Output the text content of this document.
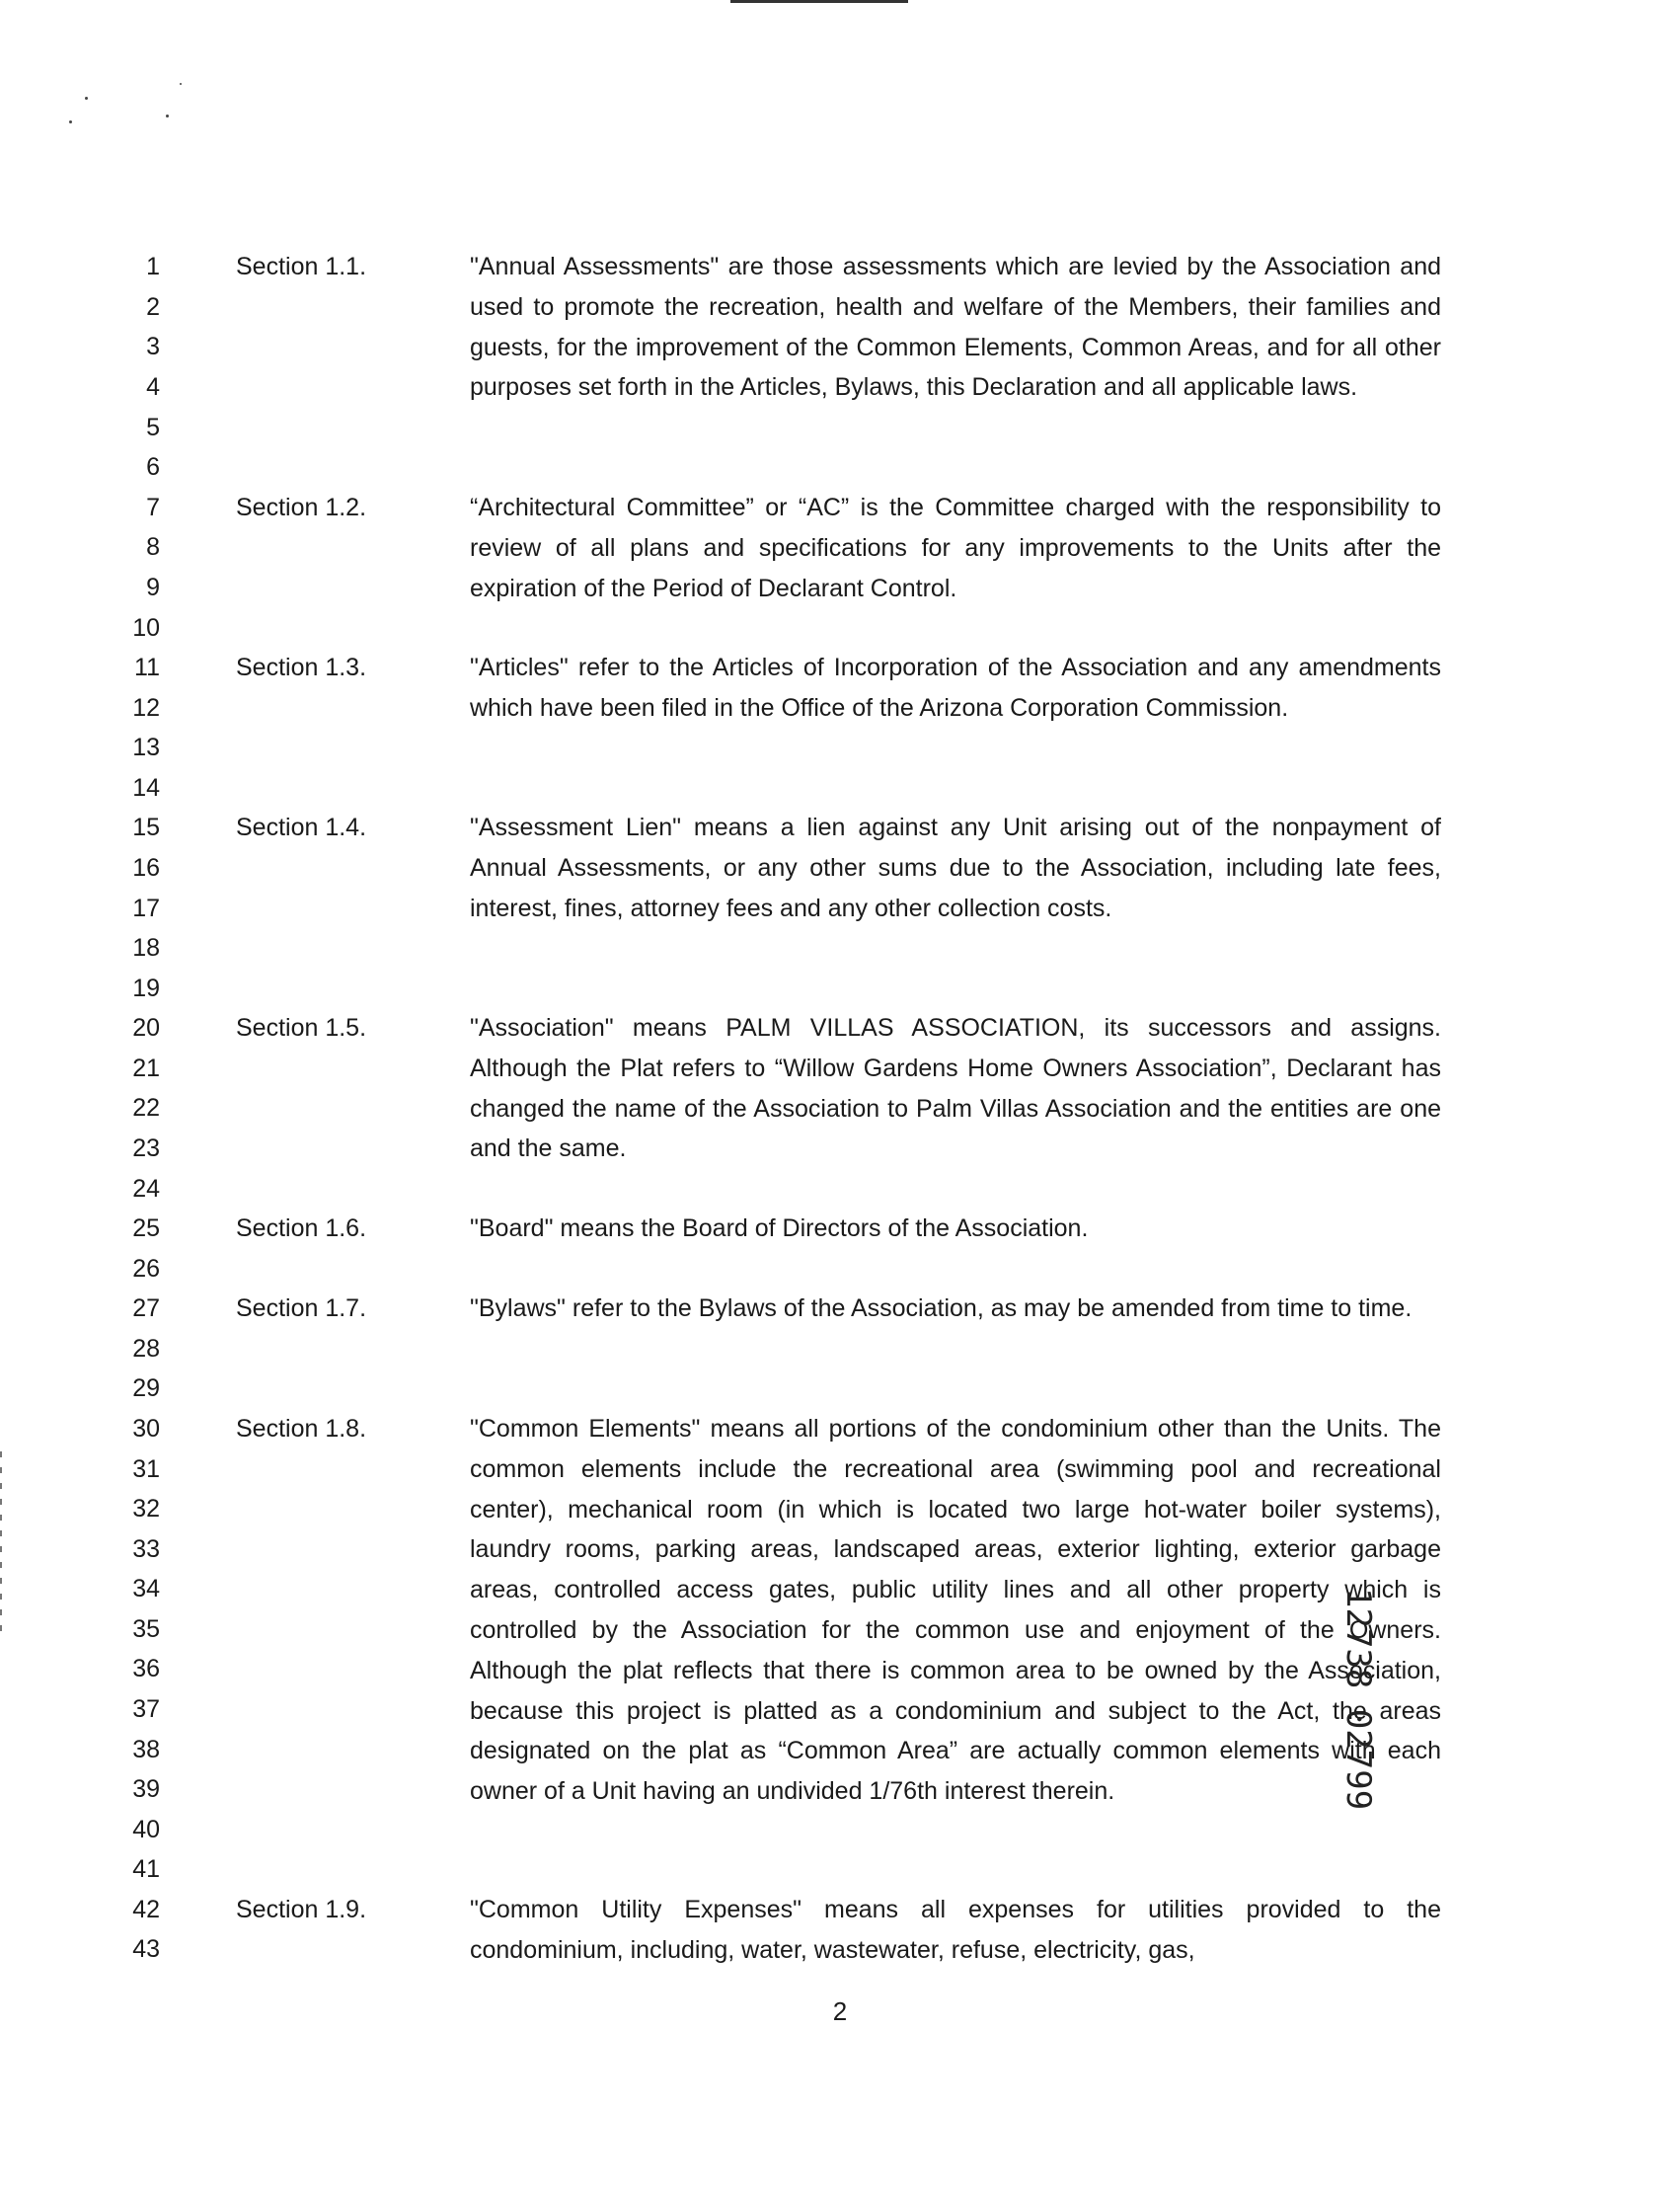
1
2
3
4
5
6
7
8
9
10
11
12
13
14
15
16
17
18
19
20
21
22
23
24
25
26
27
28
29
30
31
32
33
34
35
36
37
38
39
40
41
42
43
Section 1.1.	"Annual Assessments" are those assessments which are levied by the Association and used to promote the recreation, health and welfare of the Members, their families and guests, for the improvement of the Common Elements, Common Areas, and for all other purposes set forth in the Articles, Bylaws, this Declaration and all applicable laws.

Section 1.2.	“Architectural Committee” or “AC” is the Committee charged with the responsibility to review of all plans and specifications for any improvements to the Units after the expiration of the Period of Declarant Control.

Section 1.3.	"Articles" refer to the Articles of Incorporation of the Association and any amendments which have been filed in the Office of the Arizona Corporation Commission.

Section 1.4.	"Assessment Lien" means a lien against any Unit arising out of the nonpayment of Annual Assessments, or any other sums due to the Association, including late fees, interest, fines, attorney fees and any other collection costs.

Section 1.5.	"Association" means PALM VILLAS ASSOCIATION, its successors and assigns. Although the Plat refers to “Willow Gardens Home Owners Association”, Declarant has changed the name of the Association to Palm Villas Association and the entities are one and the same.

Section 1.6.	"Board" means the Board of Directors of the Association.

Section 1.7.	"Bylaws" refer to the Bylaws of the Association, as may be amended from time to time.

Section 1.8.	"Common Elements" means all portions of the condominium other than the Units. The common elements include the recreational area (swimming pool and recreational center), mechanical room (in which is located two large hot-water boiler systems), laundry rooms, parking areas, landscaped areas, exterior lighting, exterior garbage areas, controlled access gates, public utility lines and all other property which is controlled by the Association for the common use and enjoyment of the Owners. Although the plat reflects that there is common area to be owned by the Association, because this project is platted as a condominium and subject to the Act, the areas designated on the plat as “Common Area” are actually common elements with each owner of a Unit having an undivided 1/76th interest therein.

Section 1.9.	"Common Utility Expenses" means all expenses for utilities provided to the condominium, including, water, wastewater, refuse, electricity, gas,

2
12738 02799
